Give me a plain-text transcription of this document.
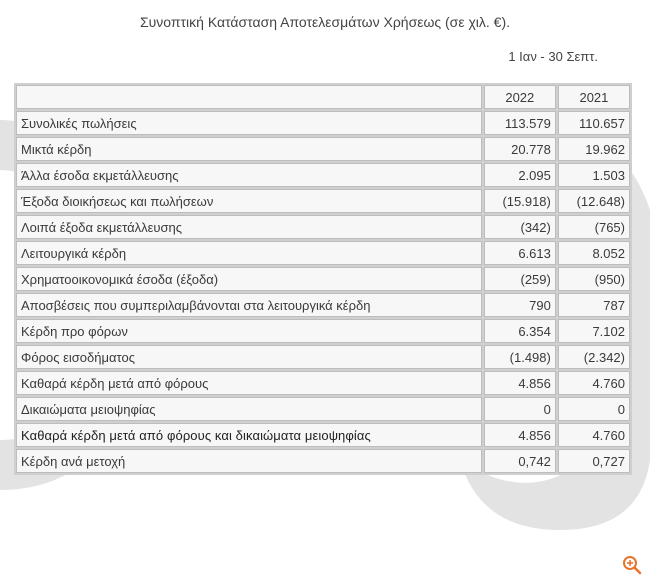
Συνοπτική Κατάσταση Αποτελεσμάτων Χρήσεως (σε χιλ. €).
1 Ιαν - 30 Σεπτ.
	2022	2021
Συνολικές πωλήσεις	113.579	110.657
Μικτά κέρδη	20.778	19.962
Άλλα έσοδα εκμετάλλευσης	2.095	1.503
Έξοδα διοικήσεως και πωλήσεων	(15.918)	(12.648)
Λοιπά έξοδα εκμετάλλευσης	(342)	(765)
Λειτουργικά κέρδη	6.613	8.052
Χρηματοοικονομικά έσοδα (έξοδα)	(259)	(950)
Αποσβέσεις που συμπεριλαμβάνονται στα λειτουργικά κέρδη	790	787
Κέρδη προ φόρων	6.354	7.102
Φόρος εισοδήματος	(1.498)	(2.342)
Καθαρά κέρδη μετά από φόρους	4.856	4.760
Δικαιώματα μειοψηφίας	0	0
Καθαρά κέρδη μετά από φόρους και δικαιώματα μειοψηφίας	4.856	4.760
Κέρδη ανά μετοχή	0,742	0,727
